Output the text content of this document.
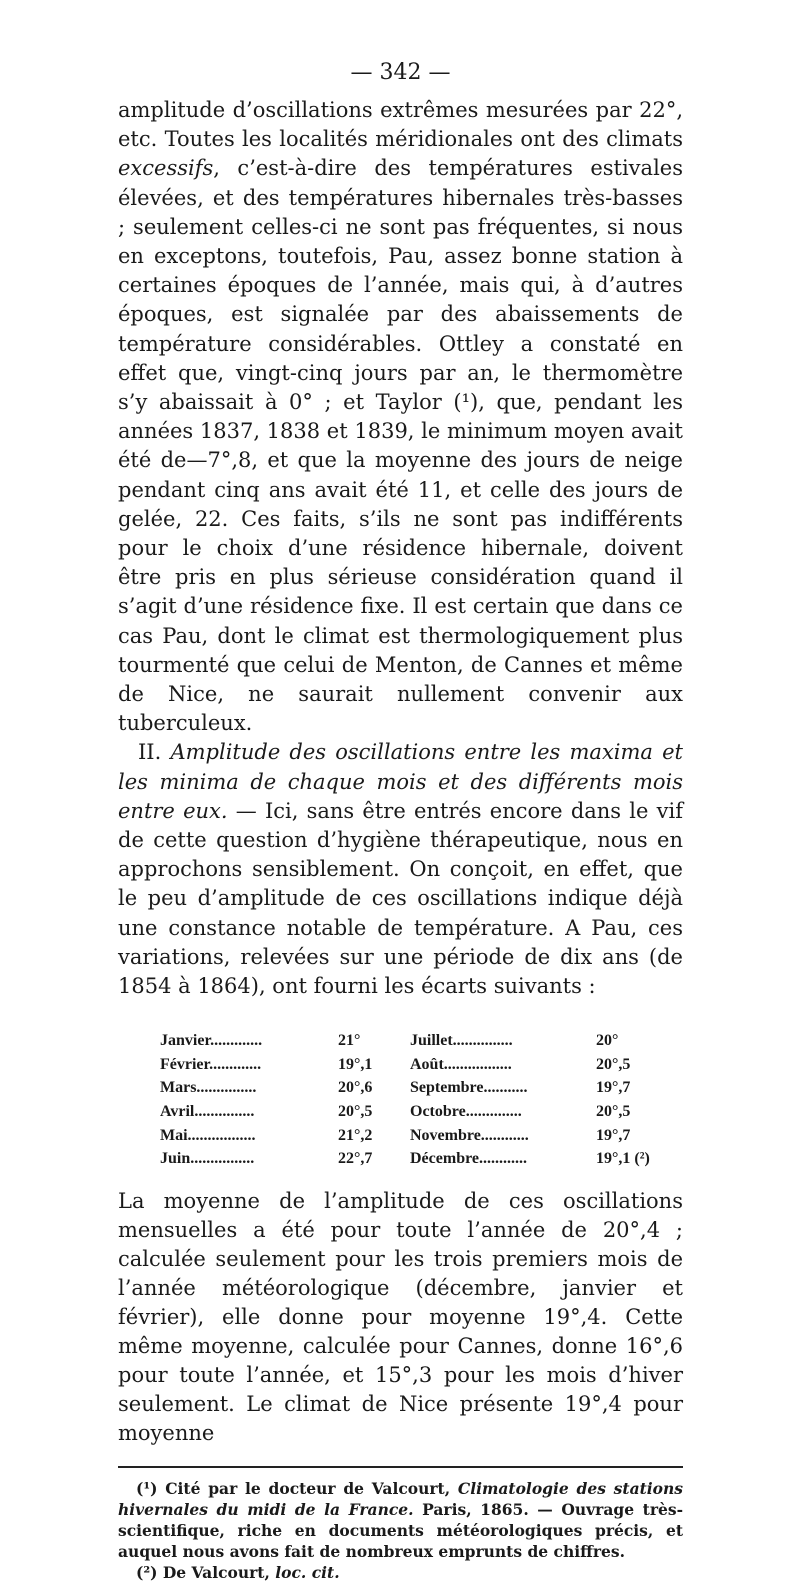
— 342 —

amplitude d’oscillations extrêmes mesurées par 22°, etc. Toutes les localités méridionales ont des climats excessifs, c’est-à-dire des températures estivales élevées, et des températures hibernales très-basses ; seulement celles-ci ne sont pas fréquentes, si nous en exceptons, toutefois, Pau, assez bonne station à certaines époques de l’année, mais qui, à d’autres époques, est signalée par des abaissements de température considérables. Ottley a constaté en effet que, vingt-cinq jours par an, le thermomètre s’y abaissait à 0° ; et Taylor (¹), que, pendant les années 1837, 1838 et 1839, le minimum moyen avait été de—7°,8, et que la moyenne des jours de neige pendant cinq ans avait été 11, et celle des jours de gelée, 22. Ces faits, s’ils ne sont pas indifférents pour le choix d’une résidence hibernale, doivent être pris en plus sérieuse considération quand il s’agit d’une résidence fixe. Il est certain que dans ce cas Pau, dont le climat est thermologiquement plus tourmenté que celui de Menton, de Cannes et même de Nice, ne saurait nullement convenir aux tuberculeux.

II. Amplitude des oscillations entre les maxima et les minima de chaque mois et des différents mois entre eux. — Ici, sans être entrés encore dans le vif de cette question d’hygiène thérapeutique, nous en approchons sensiblement. On conçoit, en effet, que le peu d’amplitude de ces oscillations indique déjà une constance notable de température. A Pau, ces variations, relevées sur une période de dix ans (de 1854 à 1864), ont fourni les écarts suivants :

Janvier.............	21°	Juillet...............	20°
Février.............	19°,1	Août.................	20°,5
Mars...............	20°,6	Septembre...........	19°,7
Avril...............	20°,5	Octobre..............	20°,5
Mai.................	21°,2	Novembre............	19°,7
Juin................	22°,7	Décembre............	19°,1 (²)

La moyenne de l’amplitude de ces oscillations mensuelles a été pour toute l’année de 20°,4 ; calculée seulement pour les trois premiers mois de l’année météorologique (décembre, janvier et février), elle donne pour moyenne 19°,4. Cette même moyenne, calculée pour Cannes, donne 16°,6 pour toute l’année, et 15°,3 pour les mois d’hiver seulement. Le climat de Nice présente 19°,4 pour moyenne

(¹) Cité par le docteur de Valcourt, Climatologie des stations hivernales du midi de la France. Paris, 1865. — Ouvrage très-scientifique, riche en documents météorologiques précis, et auquel nous avons fait de nombreux emprunts de chiffres.

(²) De Valcourt, loc. cit.
